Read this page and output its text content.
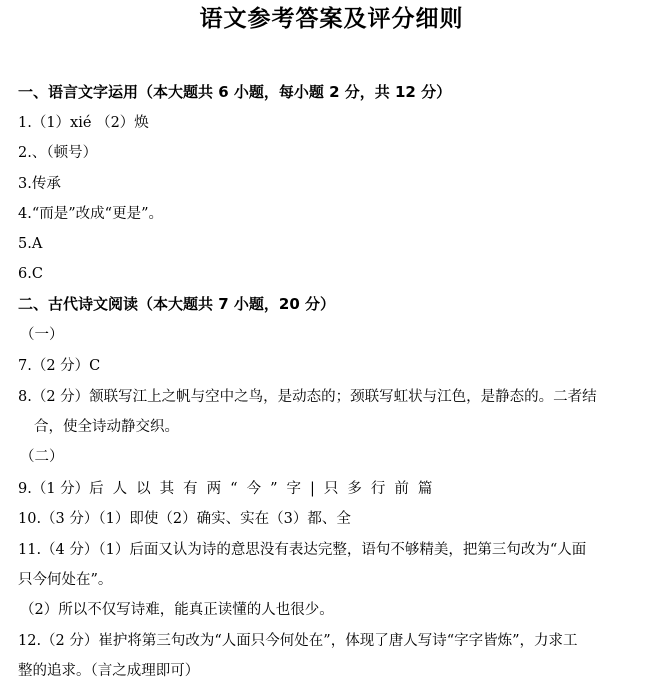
语文参考答案及评分细则
一、语言文字运用（本大题共 6 小题，每小题 2 分，共 12 分）
1.（1）xié （2）焕
2.、（顿号）
3.传承
4.“而是”改成“更是”。
5.A
6.C
二、古代诗文阅读（本大题共 7 小题，20 分）
（一）
7.（2 分）C
8.（2 分）颔联写江上之帆与空中之鸟，是动态的；颈联写虹状与江色，是静态的。二者结
合，使全诗动静交织。
（二）
9.（1 分）后人以其有两“今”字|只多行前篇
10.（3 分）（1）即使（2）确实、实在（3）都、全
11.（4 分）（1）后面又认为诗的意思没有表达完整，语句不够精美，把第三句改为“人面
只今何处在”。
（2）所以不仅写诗难，能真正读懂的人也很少。
12.（2 分）崔护将第三句改为“人面只今何处在”，体现了唐人写诗“字字皆炼”，力求工
整的追求。（言之成理即可）
